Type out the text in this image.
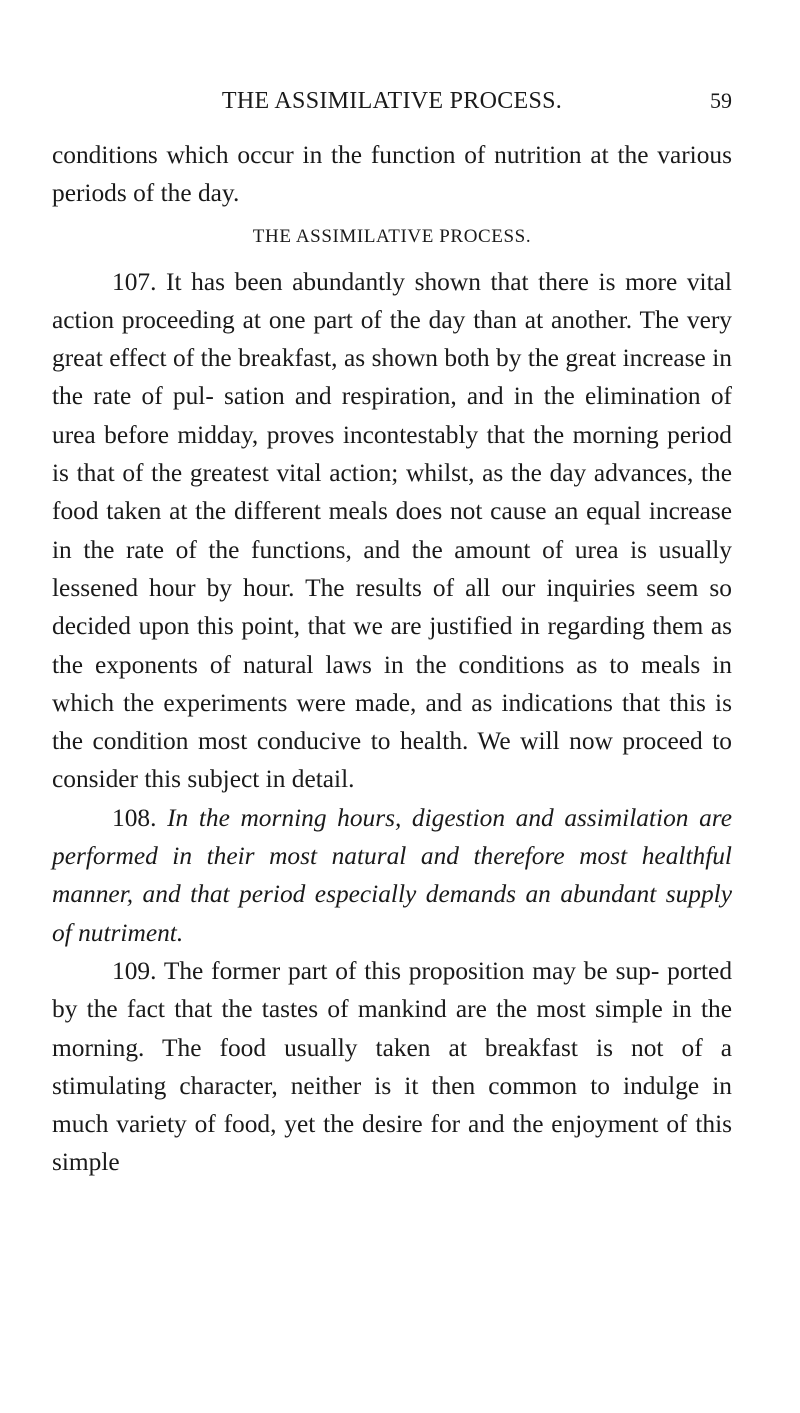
THE ASSIMILATIVE PROCESS.	59

conditions which occur in the function of nutrition at the various periods of the day.

THE ASSIMILATIVE PROCESS.

107. It has been abundantly shown that there is more vital action proceeding at one part of the day than at another. The very great effect of the breakfast, as shown both by the great increase in the rate of pul- sation and respiration, and in the elimination of urea before midday, proves incontestably that the morning period is that of the greatest vital action; whilst, as the day advances, the food taken at the different meals does not cause an equal increase in the rate of the functions, and the amount of urea is usually lessened hour by hour. The results of all our inquiries seem so decided upon this point, that we are justified in regarding them as the exponents of natural laws in the conditions as to meals in which the experiments were made, and as indications that this is the condition most conducive to health. We will now proceed to consider this subject in detail.

108. In the morning hours, digestion and assimilation are performed in their most natural and therefore most healthful manner, and that period especially demands an abundant supply of nutriment.

109. The former part of this proposition may be sup- ported by the fact that the tastes of mankind are the most simple in the morning. The food usually taken at breakfast is not of a stimulating character, neither is it then common to indulge in much variety of food, yet the desire for and the enjoyment of this simple
